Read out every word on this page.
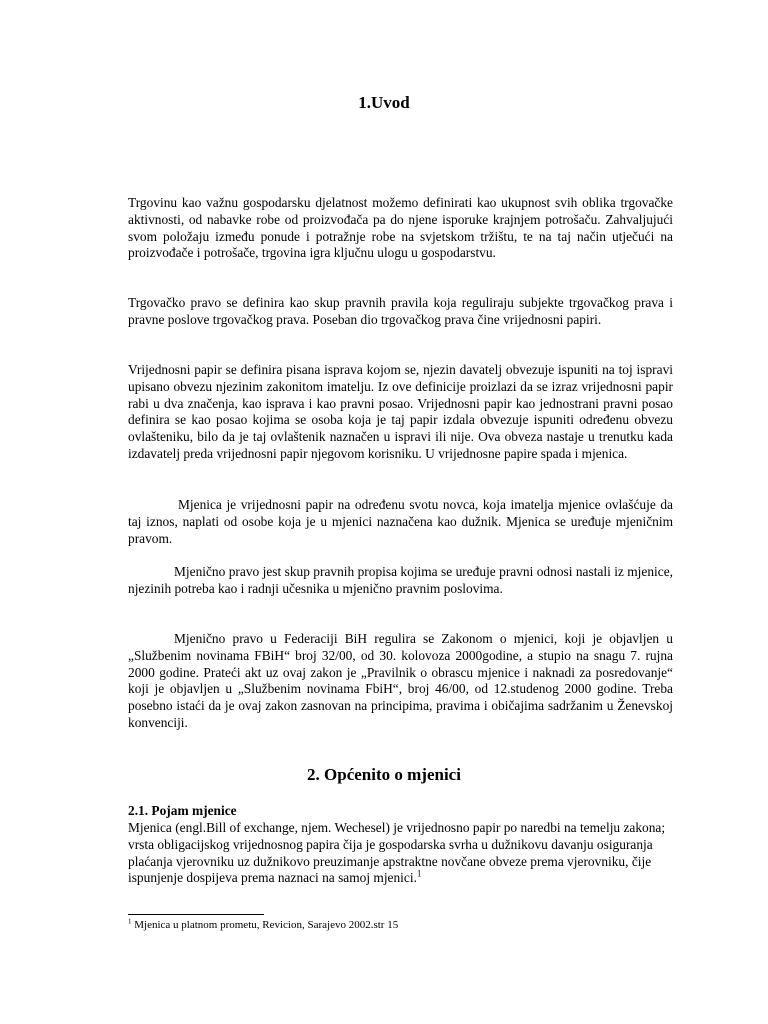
1.Uvod

Trgovinu kao važnu gospodarsku djelatnost možemo definirati kao ukupnost svih oblika trgovačke aktivnosti, od nabavke robe od proizvođača pa do njene isporuke krajnjem potrošaču. Zahvaljujući svom položaju između ponude i potražnje robe na svjetskom tržištu, te na taj način utječući na proizvođače i potrošače, trgovina igra ključnu ulogu u gospodarstvu.

Trgovačko pravo se definira kao skup pravnih pravila koja reguliraju subjekte trgovačkog prava i pravne poslove trgovačkog prava. Poseban dio trgovačkog prava čine vrijednosni papiri.

Vrijednosni papir se definira pisana isprava kojom se, njezin davatelj obvezuje ispuniti na toj ispravi upisano obvezu njezinim zakonitom imatelju. Iz ove definicije proizlazi da se izraz vrijednosni papir rabi u dva značenja, kao isprava i kao pravni posao. Vrijednosni papir kao jednostrani pravni posao definira se kao posao kojima se osoba koja je taj papir izdala obvezuje ispuniti određenu obvezu ovlašteniku, bilo da je taj ovlaštenik naznačen u ispravi ili nije. Ova obveza nastaje u trenutku kada izdavatelj preda vrijednosni papir njegovom korisniku. U vrijednosne papire spada i mjenica.

Mjenica je vrijednosni papir na određenu svotu novca, koja imatelja mjenice ovlašćuje da taj iznos, naplati od osobe koja je u mjenici naznačena kao dužnik. Mjenica se uređuje mjeničnim pravom.

Mjenično pravo jest skup pravnih propisa kojima se uređuje pravni odnosi nastali iz mjenice, njezinih potreba kao i radnji učesnika u mjenično pravnim poslovima.

Mjenično pravo u Federaciji BiH regulira se Zakonom o mjenici, koji je objavljen u „Službenim novinama FBiH“ broj 32/00, od 30. kolovoza 2000godine, a stupio na snagu 7. rujna 2000 godine. Prateći akt uz ovaj zakon je „Pravilnik o obrascu mjenice i naknadi za posredovanje“ koji je objavljen u „Službenim novinama FbiH“, broj 46/00, od 12.studenog 2000 godine. Treba posebno istaći da je ovaj zakon zasnovan na principima, pravima i običajima sadržanim u Ženevskoj konvenciji.

2. Općenito o mjenici

2.1. Pojam mjenice

Mjenica (engl.Bill of exchange, njem. Wechesel) je vrijednosno papir po naredbi na temelju zakona; vrsta obligacijskog vrijednosnog papira čija je gospodarska svrha u dužnikovu davanju osiguranja plaćanja vjerovniku uz dužnikovo preuzimanje apstraktne novčane obveze prema vjerovniku, čije ispunjenje dospijeva prema naznaci na samoj mjenici.$^1$

$^1$ Mjenica u platnom prometu, Revicion, Sarajevo 2002.str 15
